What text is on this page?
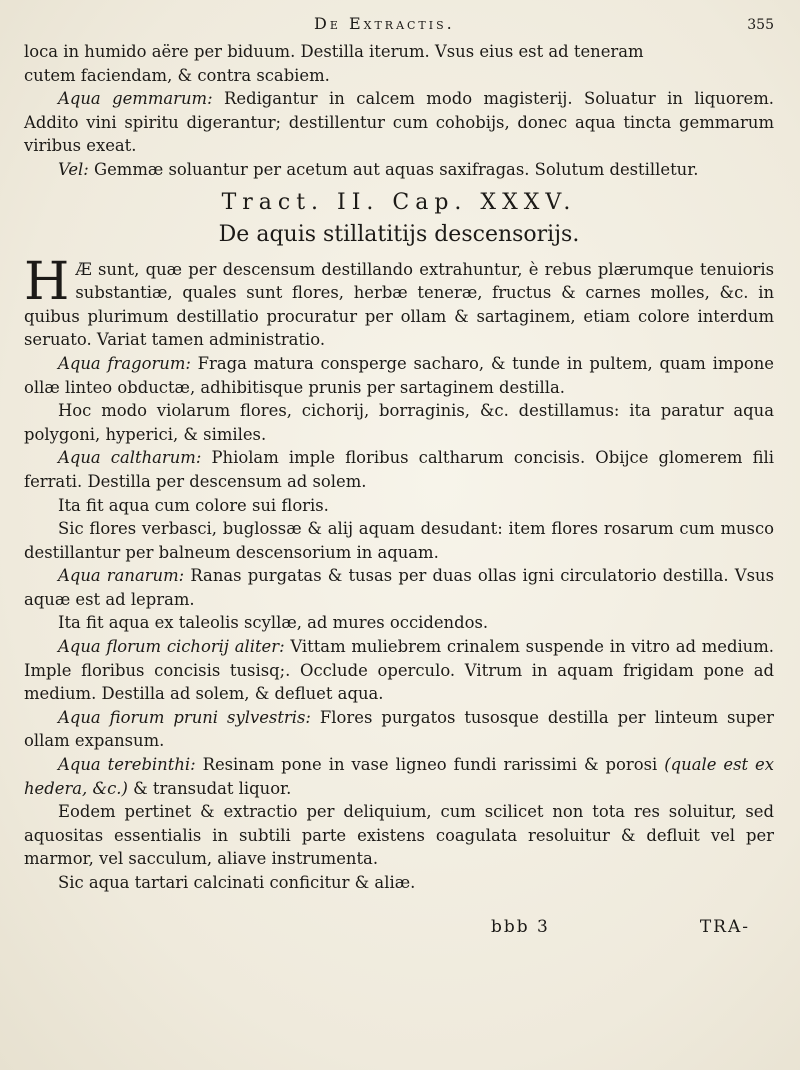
De Extractis.	355

loca in humido aëre per biduum. Destilla iterum. Vsus eius est ad teneram

cutem faciendam, & contra scabiem.

Aqua gemmarum: Redigantur in calcem modo magisterij. Soluatur in liquorem. Addito vini spiritu digerantur; destillentur cum cohobijs, donec aqua tincta gemmarum viribus exeat.

Vel: Gemmæ soluantur per acetum aut aquas saxifragas. Solutum destilletur.

Tract. II. Cap. XXXV.
De aquis stillatitijs descensorijs.

H Æ sunt, quæ per descensum destillando extrahuntur, è rebus plærumque tenuioris substantiæ, quales sunt flores, herbæ teneræ, fructus & carnes molles, &c. in quibus plurimum destillatio procuratur per ollam & sartaginem, etiam colore interdum seruato. Variat tamen administratio.

Aqua fragorum: Fraga matura consperge sacharo, & tunde in pultem, quam impone ollæ linteo obductæ, adhibitisque prunis per sartaginem destilla.

Hoc modo violarum flores, cichorij, borraginis, &c. destillamus: ita paratur aqua polygoni, hyperici, & similes.

Aqua caltharum: Phiolam imple floribus caltharum concisis. Obijce glomerem fili ferrati. Destilla per descensum ad solem.

Ita fit aqua cum colore sui floris.

Sic flores verbasci, buglossæ & alij aquam desudant: item flores rosarum cum musco destillantur per balneum descensorium in aquam.

Aqua ranarum: Ranas purgatas & tusas per duas ollas igni circulatorio destilla. Vsus aquæ est ad lepram.

Ita fit aqua ex taleolis scyllæ, ad mures occidendos.

Aqua florum cichorij aliter: Vittam muliebrem crinalem suspende in vitro ad medium. Imple floribus concisis tusisq;. Occlude operculo. Vitrum in aquam frigidam pone ad medium. Destilla ad solem, & defluet aqua.

Aqua fiorum pruni sylvestris: Flores purgatos tusosque destilla per linteum super ollam expansum.

Aqua terebinthi: Resinam pone in vase ligneo fundi rarissimi & porosi (quale est ex hedera, &c.) & transudat liquor.

Eodem pertinet & extractio per deliquium, cum scilicet non tota res soluitur, sed aquositas essentialis in subtili parte existens coagulata resoluitur & defluit vel per marmor, vel sacculum, aliave instrumenta.

Sic aqua tartari calcinati conficitur & aliæ.

bbb 3	TRA-
